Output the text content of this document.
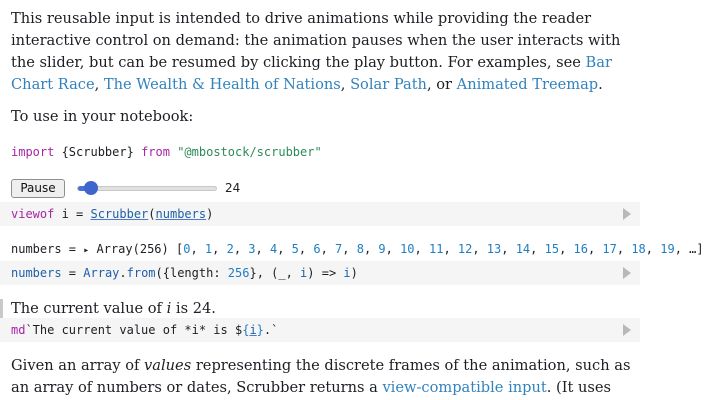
This reusable input is intended to drive animations while providing the reader interactive control on demand: the animation pauses when the user interacts with the slider, but can be resumed by clicking the play button. For examples, see Bar Chart Race, The Wealth & Health of Nations, Solar Path, or Animated Treemap.

To use in your notebook:

import {Scrubber} from "@mbostock/scrubber"
Pause	24
viewof i = Scrubber(numbers)
numbers = ▸ Array(256) [0, 1, 2, 3, 4, 5, 6, 7, 8, 9, 10, 11, 12, 13, 14, 15, 16, 17, 18, 19, …]
numbers = Array.from({length: 256}, (_, i) => i)
The current value of i is 24.
md`The current value of *i* is ${i}.`

Given an array of values representing the discrete frames of the animation, such as an array of numbers or dates, Scrubber returns a view-compatible input. (It uses
